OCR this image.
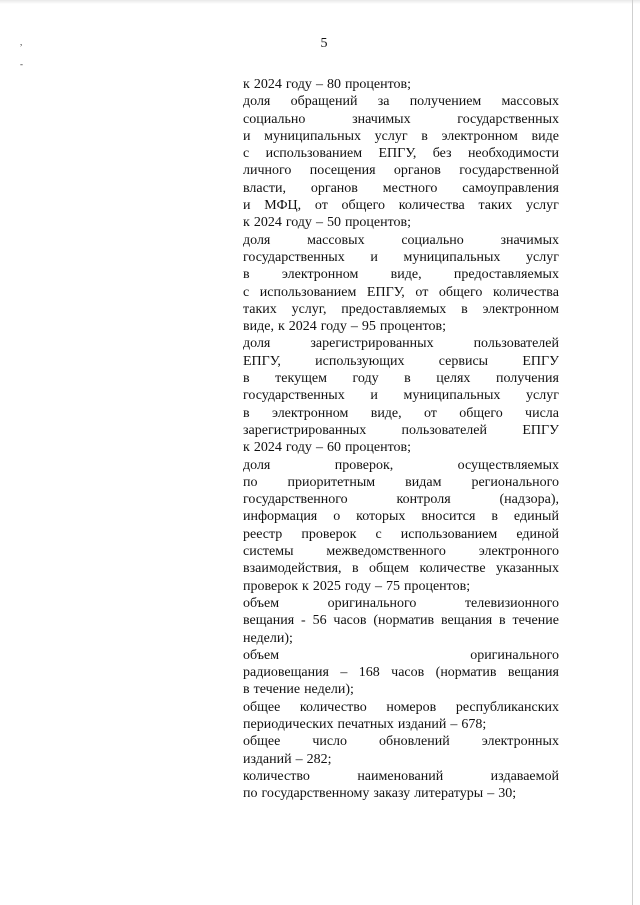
,
-
5
к 2024 году – 80 процентов;
доля обращений за получением массовых
социально	значимых	государственных
и муниципальных услуг в электронном виде
с использованием ЕПГУ, без необходимости
личного посещения органов государственной
власти, органов местного самоуправления
и МФЦ, от общего количества таких услуг
к 2024 году – 50 процентов;
доля	массовых	социально	значимых
государственных и муниципальных услуг
в электронном виде, предоставляемых
с использованием ЕПГУ, от общего количества
таких услуг, предоставляемых в электронном
виде, к 2024 году – 95 процентов;
доля	зарегистрированных	пользователей
ЕПГУ, использующих сервисы ЕПГУ
в текущем году в целях получения
государственных и муниципальных услуг
в электронном виде, от общего числа
зарегистрированных	пользователей	ЕПГУ
к 2024 году – 60 процентов;
доля	проверок,	осуществляемых
по приоритетным видам регионального
государственного	контроля	(надзора),
информация о которых вносится в единый
реестр проверок с использованием единой
системы межведомственного электронного
взаимодействия, в общем количестве указанных
проверок к 2025 году – 75 процентов;
объем	оригинального	телевизионного
вещания - 56 часов (норматив вещания в течение
недели);
объем	оригинального
радиовещания – 168 часов (норматив вещания
в течение недели);
общее количество номеров республиканских
периодических печатных изданий – 678;
общее число обновлений электронных
изданий – 282;
количество	наименований	издаваемой
по государственному заказу литературы – 30;
